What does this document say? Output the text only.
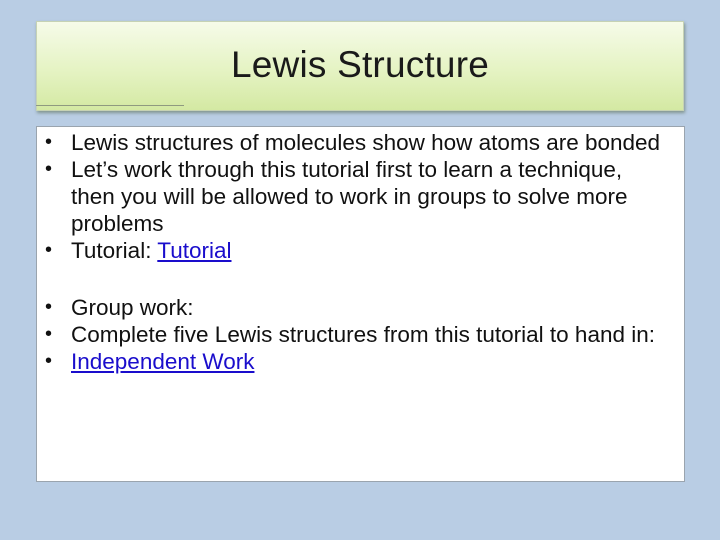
Lewis Structure
• Lewis structures of molecules show how atoms are bonded
• Let’s work through this tutorial first to learn a technique, then you will be allowed to work in groups to solve more problems
• Tutorial: Tutorial
• Group work:
• Complete five Lewis structures from this tutorial to hand in:
• Independent Work
